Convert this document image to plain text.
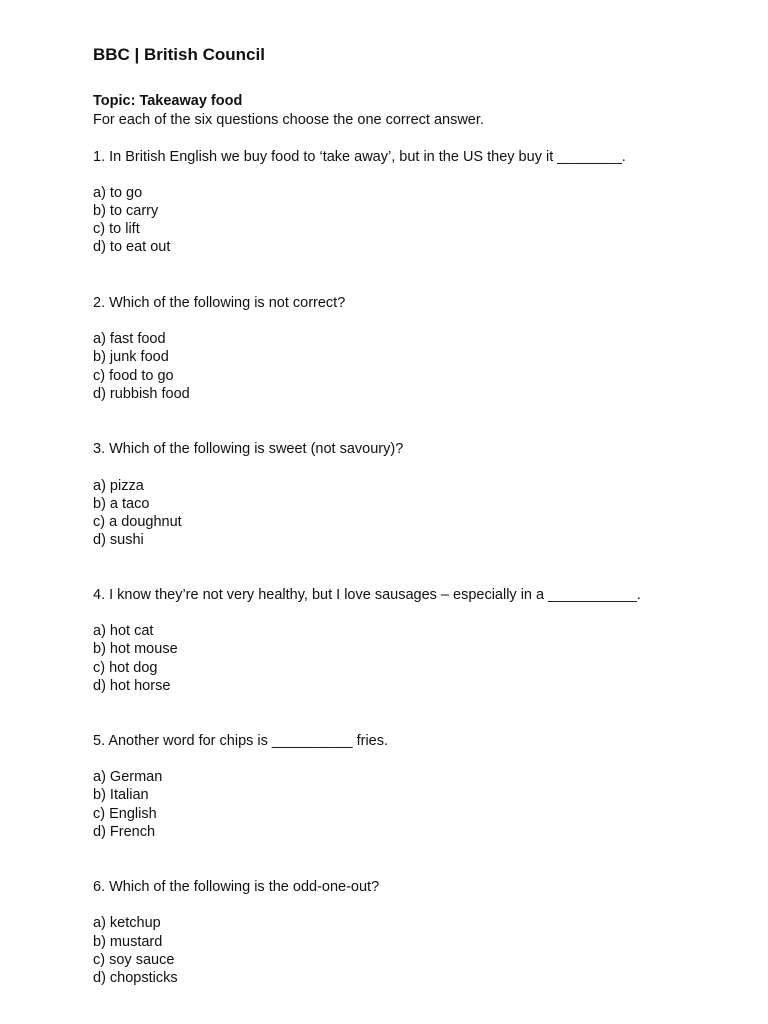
BBC | British Council
Topic: Takeaway food
For each of the six questions choose the one correct answer.
1. In British English we buy food to ‘take away’, but in the US they buy it ________.
a) to go
b) to carry
c) to lift
d) to eat out
2. Which of the following is not correct?
a) fast food
b) junk food
c) food to go
d) rubbish food
3. Which of the following is sweet (not savoury)?
a) pizza
b) a taco
c) a doughnut
d) sushi
4. I know they’re not very healthy, but I love sausages – especially in a ___________.
a) hot cat
b) hot mouse
c) hot dog
d) hot horse
5. Another word for chips is __________ fries.
a) German
b) Italian
c) English
d) French
6. Which of the following is the odd-one-out?
a) ketchup
b) mustard
c) soy sauce
d) chopsticks
